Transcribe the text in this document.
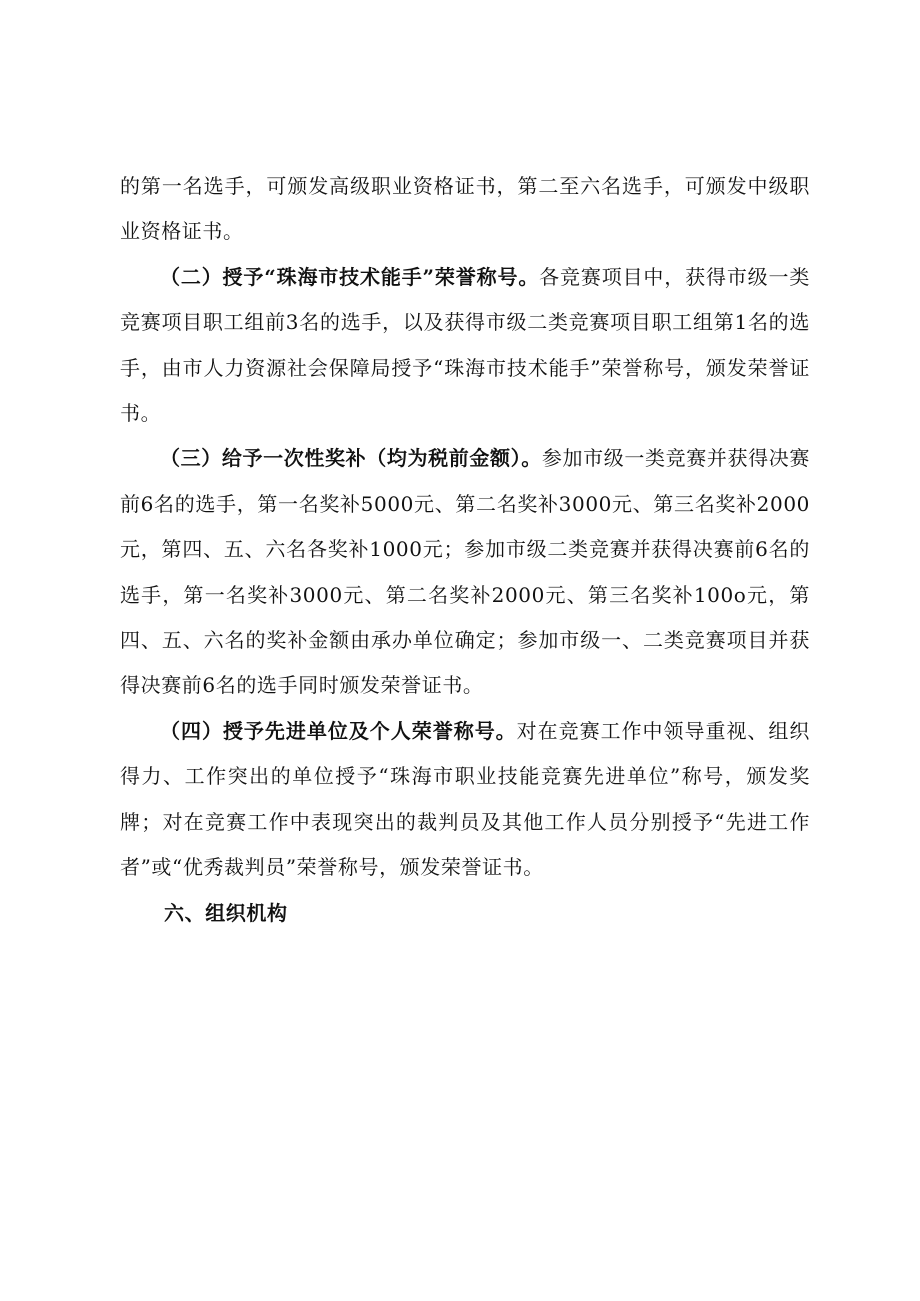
的第一名选手，可颁发高级职业资格证书，第二至六名选手，可颁发中级职业资格证书。

（二）授予“珠海市技术能手”荣誉称号。各竞赛项目中，获得市级一类竞赛项目职工组前3名的选手，以及获得市级二类竞赛项目职工组第1名的选手，由市人力资源社会保障局授予“珠海市技术能手”荣誉称号，颁发荣誉证书。

（三）给予一次性奖补（均为税前金额）。参加市级一类竞赛并获得决赛前6名的选手，第一名奖补5000元、第二名奖补3000元、第三名奖补2000元，第四、五、六名各奖补1000元；参加市级二类竞赛并获得决赛前6名的选手，第一名奖补3000元、第二名奖补2000元、第三名奖补100o元，第四、五、六名的奖补金额由承办单位确定；参加市级一、二类竞赛项目并获得决赛前6名的选手同时颁发荣誉证书。

（四）授予先进单位及个人荣誉称号。对在竞赛工作中领导重视、组织得力、工作突出的单位授予“珠海市职业技能竞赛先进单位”称号，颁发奖牌；对在竞赛工作中表现突出的裁判员及其他工作人员分别授予“先进工作者”或“优秀裁判员”荣誉称号，颁发荣誉证书。

六、组织机构
